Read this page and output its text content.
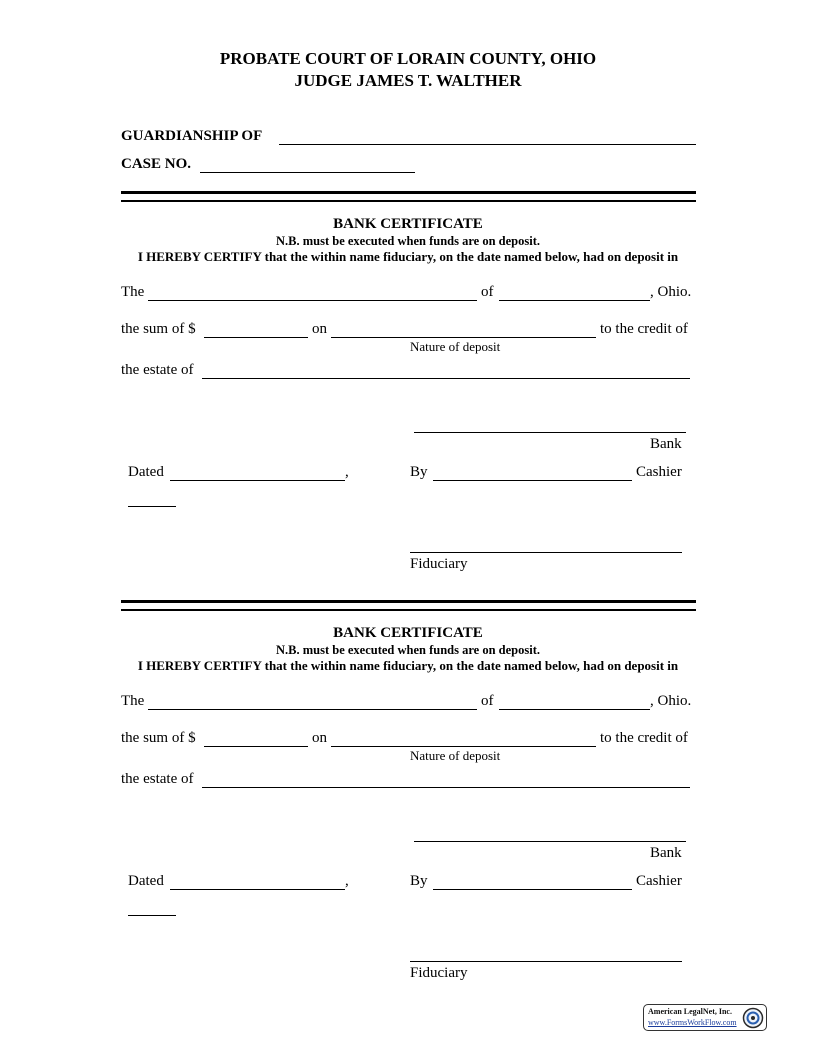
PROBATE COURT OF LORAIN COUNTY, OHIO
JUDGE JAMES T. WALTHER
GUARDIANSHIP OF
CASE NO.
BANK CERTIFICATE
N.B. must be executed when funds are on deposit.
I HEREBY CERTIFY that the within name fiduciary, on the date named below, had on deposit in
The	of	, Ohio.
the sum of $	on	to the credit of
Nature of deposit
the estate of
Bank
Dated	,	By	Cashier
Fiduciary
BANK CERTIFICATE
N.B. must be executed when funds are on deposit.
I HEREBY CERTIFY that the within name fiduciary, on the date named below, had on deposit in
The	of	, Ohio.
the sum of $	on	to the credit of
Nature of deposit
the estate of
Bank
Dated	,	By	Cashier
Fiduciary
American LegalNet, Inc.
www.FormsWorkFlow.com
